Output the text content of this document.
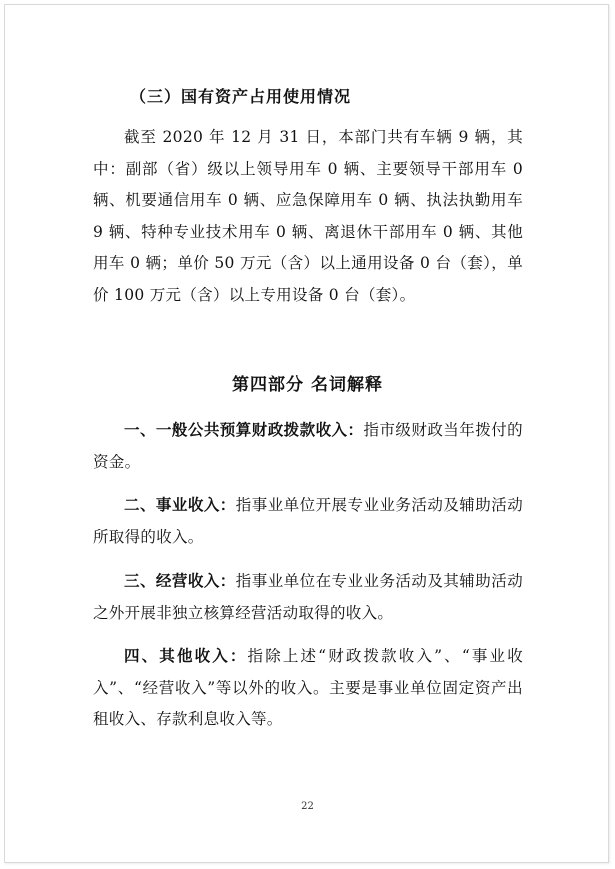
（三）国有资产占用使用情况

截至 2020 年 12 月 31 日，本部门共有车辆 9 辆，其中：副部（省）级以上领导用车 0 辆、主要领导干部用车 0 辆、机要通信用车 0 辆、应急保障用车 0 辆、执法执勤用车 9 辆、特种专业技术用车 0 辆、离退休干部用车 0 辆、其他用车 0 辆；单价 50 万元（含）以上通用设备 0 台（套），单价 100 万元（含）以上专用设备 0 台（套）。

第四部分 名词解释

一、一般公共预算财政拨款收入：指市级财政当年拨付的资金。

二、事业收入：指事业单位开展专业业务活动及辅助活动所取得的收入。

三、经营收入：指事业单位在专业业务活动及其辅助活动之外开展非独立核算经营活动取得的收入。

四、其他收入：指除上述“财政拨款收入”、“事业收入”、“经营收入”等以外的收入。主要是事业单位固定资产出租收入、存款利息收入等。

22
